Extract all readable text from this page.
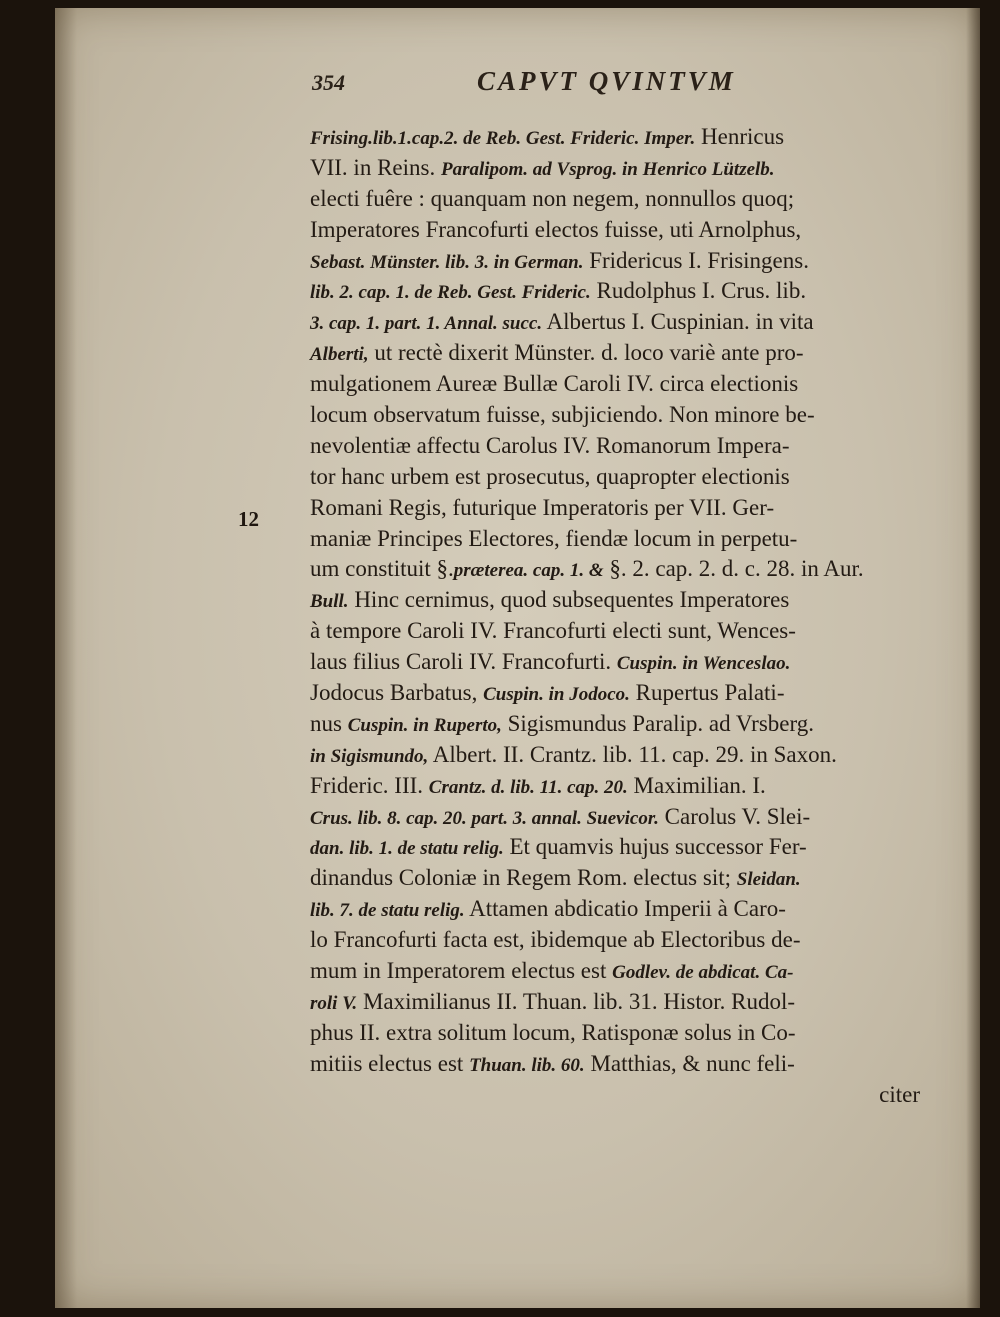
354	CAPVT QVINTVM
12
Frising.lib.1.cap.2. de Reb. Gest. Frideric. Imper. Henricus
VII. in Reins. Paralipom. ad Vsprog. in Henrico Lützelb.
electi fuêre : quanquam non negem, nonnullos quoq;
Imperatores Francofurti electos fuisse, uti Arnolphus,
Sebast. Münster. lib. 3. in German. Fridericus I. Frisingens.
lib. 2. cap. 1. de Reb. Gest. Frideric. Rudolphus I. Crus. lib.
3. cap. 1. part. 1. Annal. succ. Albertus I. Cuspinian. in vita
Alberti, ut rectè dixerit Münster. d. loco variè ante pro-
mulgationem Aureæ Bullæ Caroli IV. circa electionis
locum observatum fuisse, subjiciendo. Non minore be-
nevolentiæ affectu Carolus IV. Romanorum Impera-
tor hanc urbem est prosecutus, quapropter electionis
Romani Regis, futurique Imperatoris per VII. Ger-
maniæ Principes Electores, fiendæ locum in perpetu-
um constituit §.præterea. cap. 1. & §. 2. cap. 2. d. c. 28. in Aur.
Bull. Hinc cernimus, quod subsequentes Imperatores
à tempore Caroli IV. Francofurti electi sunt, Wences-
laus filius Caroli IV. Francofurti. Cuspin. in Wenceslao.
Jodocus Barbatus, Cuspin. in Jodoco. Rupertus Palati-
nus Cuspin. in Ruperto, Sigismundus Paralip. ad Vrsberg.
in Sigismundo, Albert. II. Crantz. lib. 11. cap. 29. in Saxon.
Frideric. III. Crantz. d. lib. 11. cap. 20. Maximilian. I.
Crus. lib. 8. cap. 20. part. 3. annal. Suevicor. Carolus V. Slei-
dan. lib. 1. de statu relig. Et quamvis hujus successor Fer-
dinandus Coloniæ in Regem Rom. electus sit; Sleidan.
lib. 7. de statu relig. Attamen abdicatio Imperii à Caro-
lo Francofurti facta est, ibidemque ab Electoribus de-
mum in Imperatorem electus est Godlev. de abdicat. Ca-
roli V. Maximilianus II. Thuan. lib. 31. Histor. Rudol-
phus II. extra solitum locum, Ratisponæ solus in Co-
mitiis electus est Thuan. lib. 60. Matthias, & nunc feli-
citer
